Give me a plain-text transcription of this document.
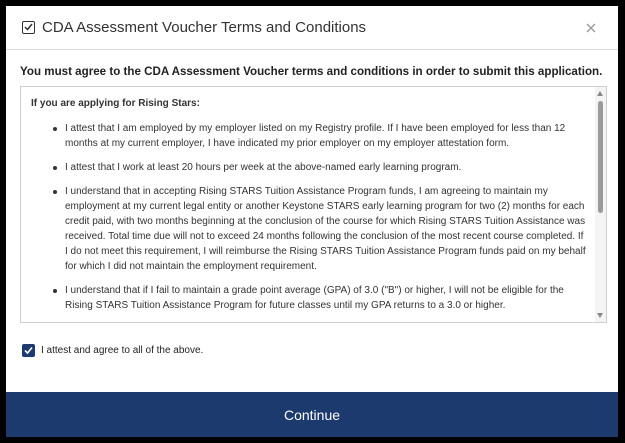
CDA Assessment Voucher Terms and Conditions
You must agree to the CDA Assessment Voucher terms and conditions in order to submit this application.
If you are applying for Rising Stars:
I attest that I am employed by my employer listed on my Registry profile. If I have been employed for less than 12 months at my current employer, I have indicated my prior employer on my employer attestation form.
I attest that I work at least 20 hours per week at the above-named early learning program.
I understand that in accepting Rising STARS Tuition Assistance Program funds, I am agreeing to maintain my employment at my current legal entity or another Keystone STARS early learning program for two (2) months for each credit paid, with two months beginning at the conclusion of the course for which Rising STARS Tuition Assistance was received. Total time due will not to exceed 24 months following the conclusion of the most recent course completed. If I do not meet this requirement, I will reimburse the Rising STARS Tuition Assistance Program funds paid on my behalf for which I did not maintain the employment requirement.
I understand that if I fail to maintain a grade point average (GPA) of 3.0 ("B") or higher, I will not be eligible for the Rising STARS Tuition Assistance Program for future classes until my GPA returns to a 3.0 or higher.
I attest and agree to all of the above.
Continue
